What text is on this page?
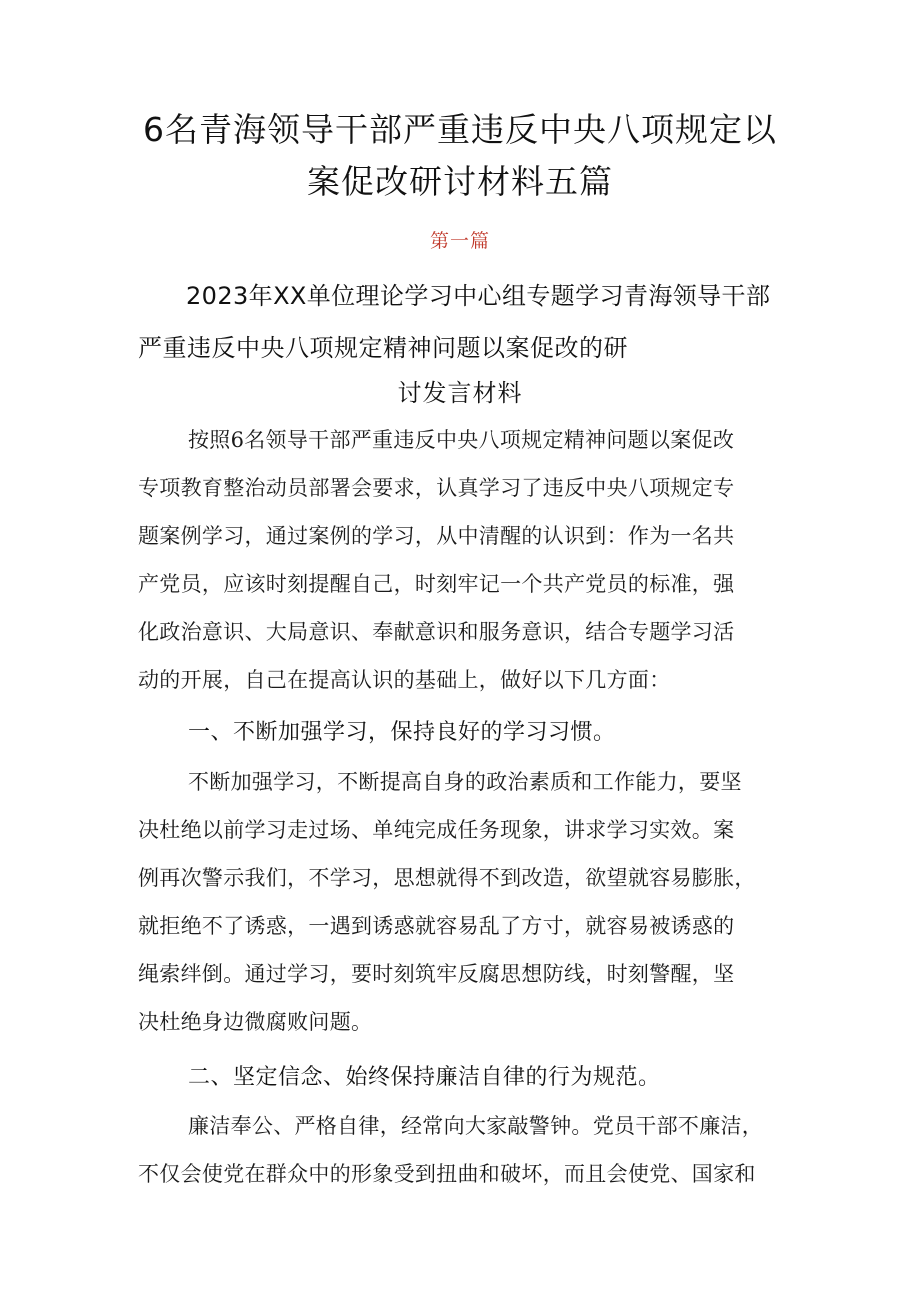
6名青海领导干部严重违反中央八项规定以
案促改研讨材料五篇
第一篇
2023年XX单位理论学习中心组专题学习青海领导干部
严重违反中央八项规定精神问题以案促改的研
讨发言材料
按照6名领导干部严重违反中央八项规定精神问题以案促改
专项教育整治动员部署会要求，认真学习了违反中央八项规定专
题案例学习，通过案例的学习，从中清醒的认识到：作为一名共
产党员，应该时刻提醒自己，时刻牢记一个共产党员的标准，强
化政治意识、大局意识、奉献意识和服务意识，结合专题学习活
动的开展，自己在提高认识的基础上，做好以下几方面：
一、不断加强学习，保持良好的学习习惯。
不断加强学习，不断提高自身的政治素质和工作能力，要坚
决杜绝以前学习走过场、单纯完成任务现象，讲求学习实效。案
例再次警示我们，不学习，思想就得不到改造，欲望就容易膨胀，
就拒绝不了诱惑，一遇到诱惑就容易乱了方寸，就容易被诱惑的
绳索绊倒。通过学习，要时刻筑牢反腐思想防线，时刻警醒，坚
决杜绝身边微腐败问题。
二、坚定信念、始终保持廉洁自律的行为规范。
廉洁奉公、严格自律，经常向大家敲警钟。党员干部不廉洁，
不仅会使党在群众中的形象受到扭曲和破坏，而且会使党、国家和
